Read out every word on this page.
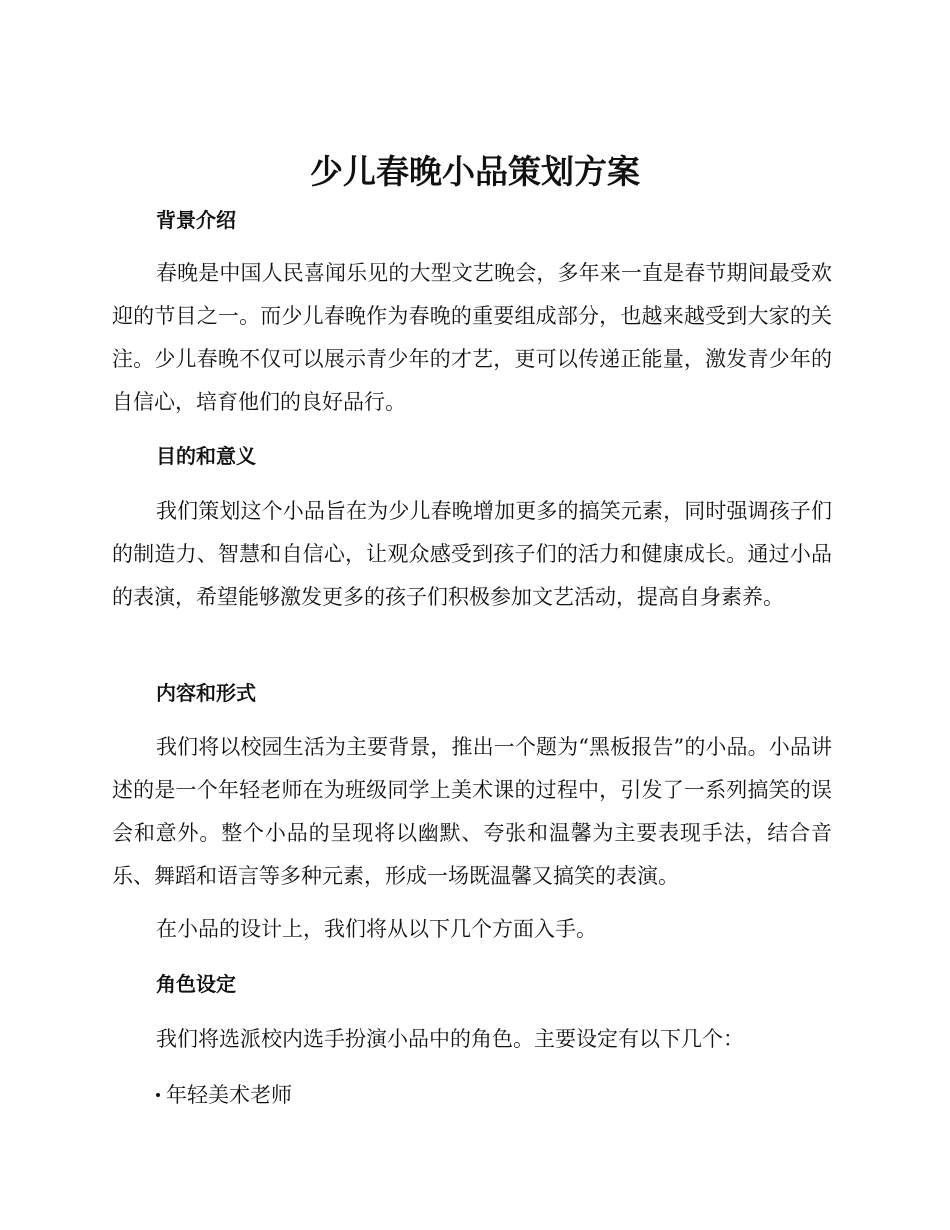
少儿春晚小品策划方案
背景介绍

春晚是中国人民喜闻乐见的大型文艺晚会，多年来一直是春节期间最受欢迎的节目之一。而少儿春晚作为春晚的重要组成部分，也越来越受到大家的关注。少儿春晚不仅可以展示青少年的才艺，更可以传递正能量，激发青少年的自信心，培育他们的良好品行。

目的和意义

我们策划这个小品旨在为少儿春晚增加更多的搞笑元素，同时强调孩子们的制造力、智慧和自信心，让观众感受到孩子们的活力和健康成长。通过小品的表演，希望能够激发更多的孩子们积极参加文艺活动，提高自身素养。

内容和形式

我们将以校园生活为主要背景，推出一个题为“黑板报告”的小品。小品讲述的是一个年轻老师在为班级同学上美术课的过程中，引发了一系列搞笑的误会和意外。整个小品的呈现将以幽默、夸张和温馨为主要表现手法，结合音乐、舞蹈和语言等多种元素，形成一场既温馨又搞笑的表演。

在小品的设计上，我们将从以下几个方面入手。

角色设定

我们将选派校内选手扮演小品中的角色。主要设定有以下几个：

年轻美术老师
